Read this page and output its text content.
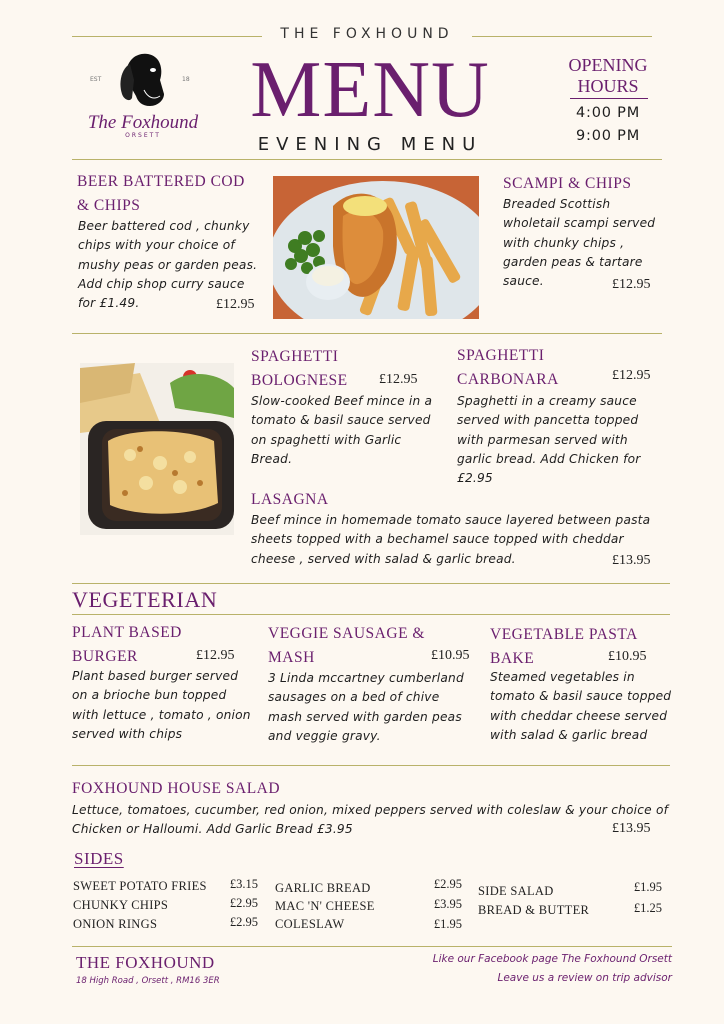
THE FOXHOUND
EST	18
The Foxhound
ORSETT
MENU
EVENING MENU
OPENING
HOURS
4:00 PM
9:00 PM
BEER BATTERED COD
& CHIPS
Beer battered cod , chunky
chips with your choice of
mushy peas or garden peas.
Add chip shop curry sauce
for £1.49.	£12.95
SCAMPI & CHIPS
Breaded Scottish
wholetail scampi served
with chunky chips ,
garden peas & tartare
sauce.	£12.95
SPAGHETTI
BOLOGNESE £12.95
Slow-cooked Beef mince in a
tomato & basil sauce served
on spaghetti with Garlic
Bread.
SPAGHETTI
CARBONARA	£12.95
Spaghetti in a creamy sauce
served with pancetta topped
with parmesan served with
garlic bread. Add Chicken for
£2.95
LASAGNA
Beef mince in homemade tomato sauce layered between pasta
sheets topped with a bechamel sauce topped with cheddar
cheese , served with salad & garlic bread.	£13.95
VEGETERIAN
PLANT BASED
BURGER	£12.95
Plant based burger served
on a brioche bun topped
with lettuce , tomato , onion
served with chips
VEGGIE SAUSAGE &
MASH	£10.95
3 Linda mccartney cumberland
sausages on a bed of chive
mash served with garden peas
and veggie gravy.
VEGETABLE PASTA
BAKE	£10.95
Steamed vegetables in
tomato & basil sauce topped
with cheddar cheese served
with salad & garlic bread
FOXHOUND HOUSE SALAD
Lettuce, tomatoes, cucumber, red onion, mixed peppers served with coleslaw & your choice of
Chicken or Halloumi. Add Garlic Bread £3.95	£13.95
SIDES
SWEET POTATO FRIES £3.15
CHUNKY CHIPS	£2.95
ONION RINGS	£2.95
GARLIC BREAD	£2.95
MAC 'N' CHEESE	£3.95
COLESLAW	£1.95
SIDE SALAD	£1.95
BREAD & BUTTER	£1.25
THE FOXHOUND
18 High Road , Orsett , RM16 3ER
Like our Facebook page The Foxhound Orsett
Leave us a review on trip advisor
